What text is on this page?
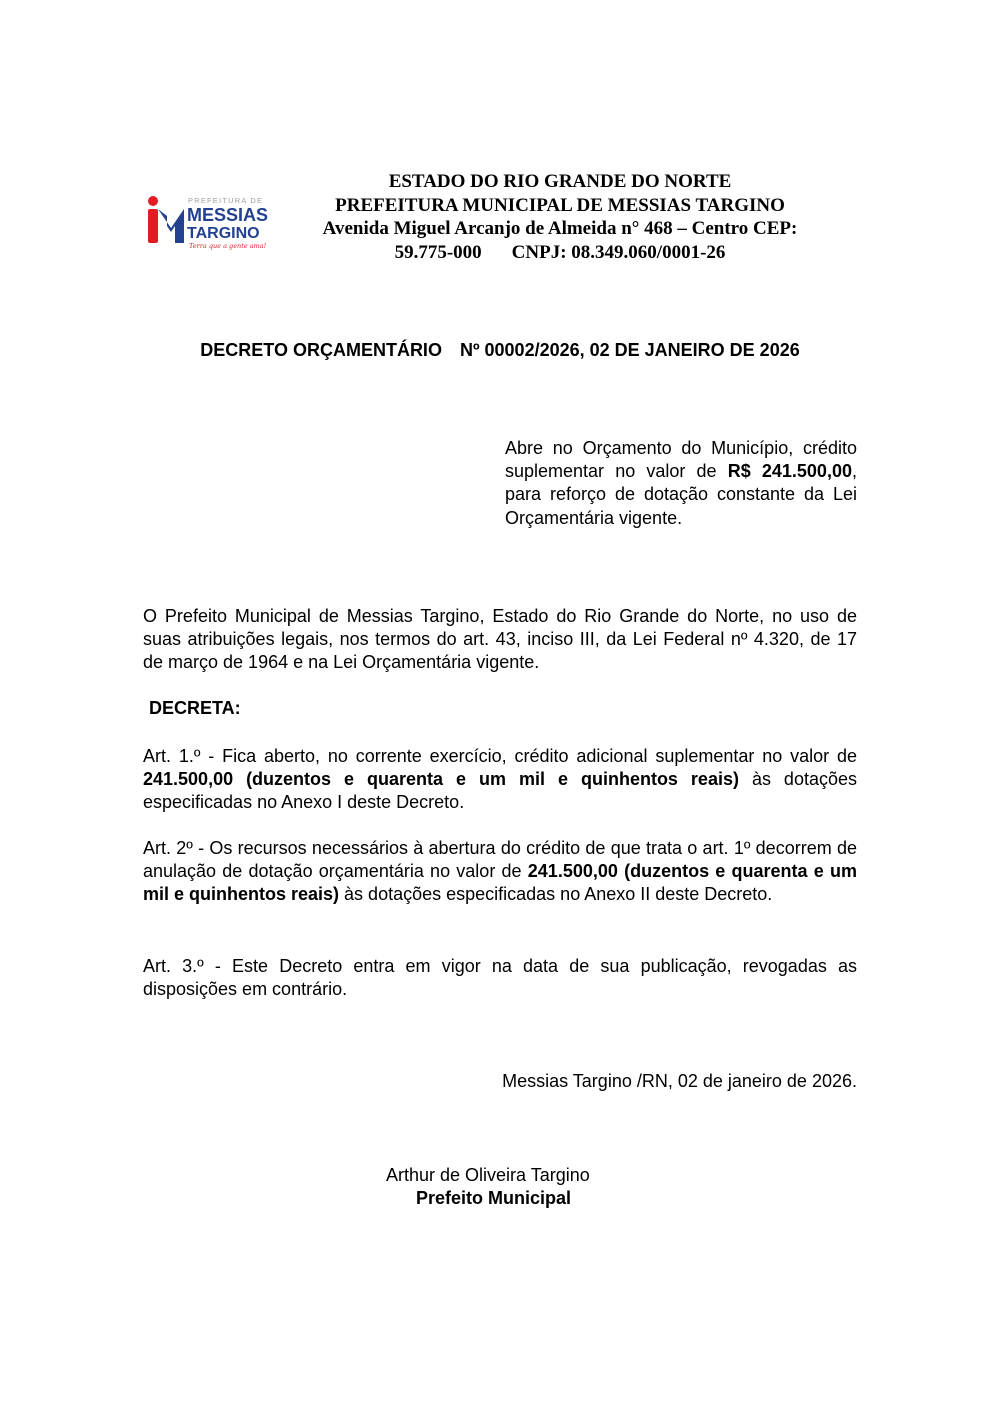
PREFEITURA DE
MESSIAS
TARGINO
Terra que a gente ama!
ESTADO DO RIO GRANDE DO NORTE
PREFEITURA MUNICIPAL DE MESSIAS TARGINO
Avenida Miguel Arcanjo de Almeida n° 468 – Centro CEP:
59.775-000 CNPJ: 08.349.060/0001-26
DECRETO ORÇAMENTÁRIO Nº 00002/2026, 02 DE JANEIRO DE 2026
Abre no Orçamento do Município, crédito suplementar no valor de R$ 241.500,00, para reforço de dotação constante da Lei Orçamentária vigente.
O Prefeito Municipal de Messias Targino, Estado do Rio Grande do Norte, no uso de suas atribuições legais, nos termos do art. 43, inciso III, da Lei Federal nº 4.320, de 17 de março de 1964 e na Lei Orçamentária vigente.
DECRETA:
Art. 1.º - Fica aberto, no corrente exercício, crédito adicional suplementar no valor de 241.500,00 (duzentos e quarenta e um mil e quinhentos reais) às dotações especificadas no Anexo I deste Decreto.
Art. 2º - Os recursos necessários à abertura do crédito de que trata o art. 1º decorrem de anulação de dotação orçamentária no valor de 241.500,00 (duzentos e quarenta e um mil e quinhentos reais) às dotações especificadas no Anexo II deste Decreto.
Art. 3.º - Este Decreto entra em vigor na data de sua publicação, revogadas as disposições em contrário.
Messias Targino /RN, 02 de janeiro de 2026.
Arthur de Oliveira Targino
Prefeito Municipal
